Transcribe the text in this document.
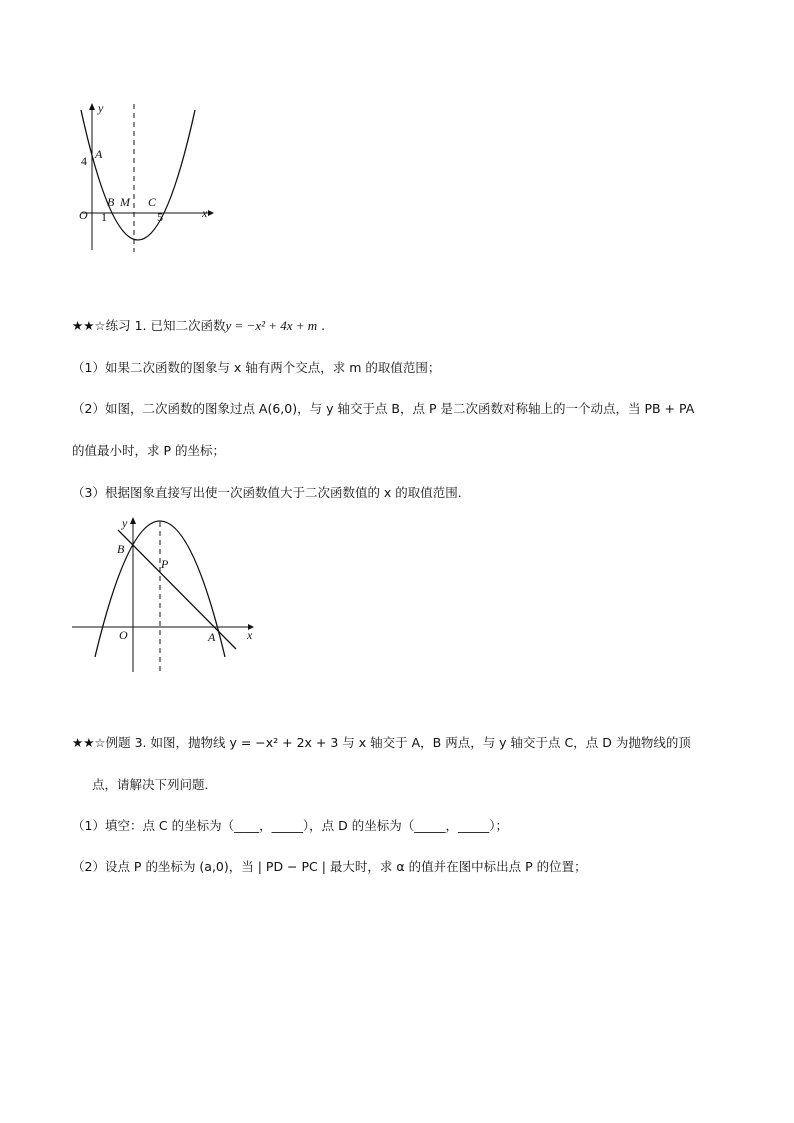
y
x
O
4 A
1
B M C
5
★★☆练习 1. 已知二次函数y = −x² + 4x + m .
（1）如果二次函数的图象与 x 轴有两个交点，求 m 的取值范围；
（2）如图，二次函数的图象过点 A(6,0)，与 y 轴交于点 B，点 P 是二次函数对称轴上的一个动点，当 PB + PA
的值最小时，求 P 的坐标；
（3）根据图象直接写出使一次函数值大于二次函数值的 x 的取值范围．
y
x
O
B
P
A
★★☆例题 3. 如图，抛物线 y = −x² + 2x + 3 与 x 轴交于 A，B 两点，与 y 轴交于点 C，点 D 为抛物线的顶
点，请解决下列问题．
（1）填空：点 C 的坐标为（____，_____），点 D 的坐标为（_____，_____）；
（2）设点 P 的坐标为 (a,0)，当 | PD − PC | 最大时，求 α 的值并在图中标出点 P 的位置；
